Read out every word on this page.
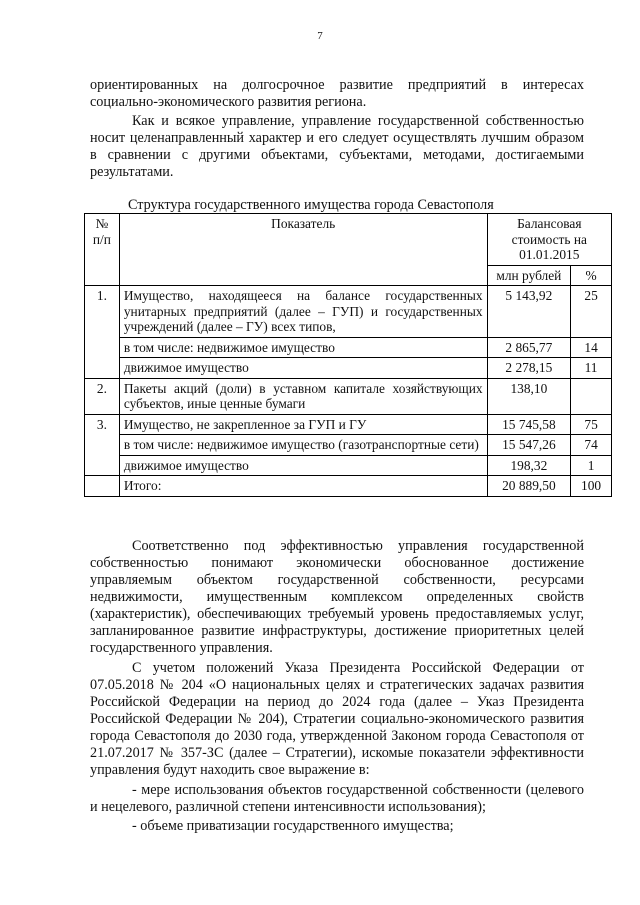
7

ориентированных на долгосрочное развитие предприятий в интересах социально-экономического развития региона.

Как и всякое управление, управление государственной собственностью носит целенаправленный характер и его следует осуществлять лучшим образом в сравнении с другими объектами, субъектами, методами, достигаемыми результатами.

Структура государственного имущества города Севастополя
№ п/п	Показатель	Балансовая стоимость на 01.01.2015	
		млн рублей	%
1.	Имущество, находящееся на балансе государственных унитарных предприятий (далее – ГУП) и государственных учреждений (далее – ГУ) всех типов,	5 143,92	25
	в том числе: недвижимое имущество	2 865,77	14
	движимое имущество	2 278,15	11
2.	Пакеты акций (доли) в уставном капитале хозяйствующих субъектов, иные ценные бумаги	138,10	
3.	Имущество, не закрепленное за ГУП и ГУ	15 745,58	75
	в том числе: недвижимое имущество (газотранспортные сети)	15 547,26	74
	движимое имущество	198,32	1
	Итого:	20 889,50	100

Соответственно под эффективностью управления государственной собственностью понимают экономически обоснованное достижение управляемым объектом государственной собственности, ресурсами недвижимости, имущественным комплексом определенных свойств (характеристик), обеспечивающих требуемый уровень предоставляемых услуг, запланированное развитие инфраструктуры, достижение приоритетных целей государственного управления.

С учетом положений Указа Президента Российской Федерации от 07.05.2018 № 204 «О национальных целях и стратегических задачах развития Российской Федерации на период до 2024 года (далее – Указ Президента Российской Федерации № 204), Стратегии социально-экономического развития города Севастополя до 2030 года, утвержденной Законом города Севастополя от 21.07.2017 № 357-ЗС (далее – Стратегии), искомые показатели эффективности управления будут находить свое выражение в:

- мере использования объектов государственной собственности (целевого и нецелевого, различной степени интенсивности использования);

- объеме приватизации государственного имущества;
